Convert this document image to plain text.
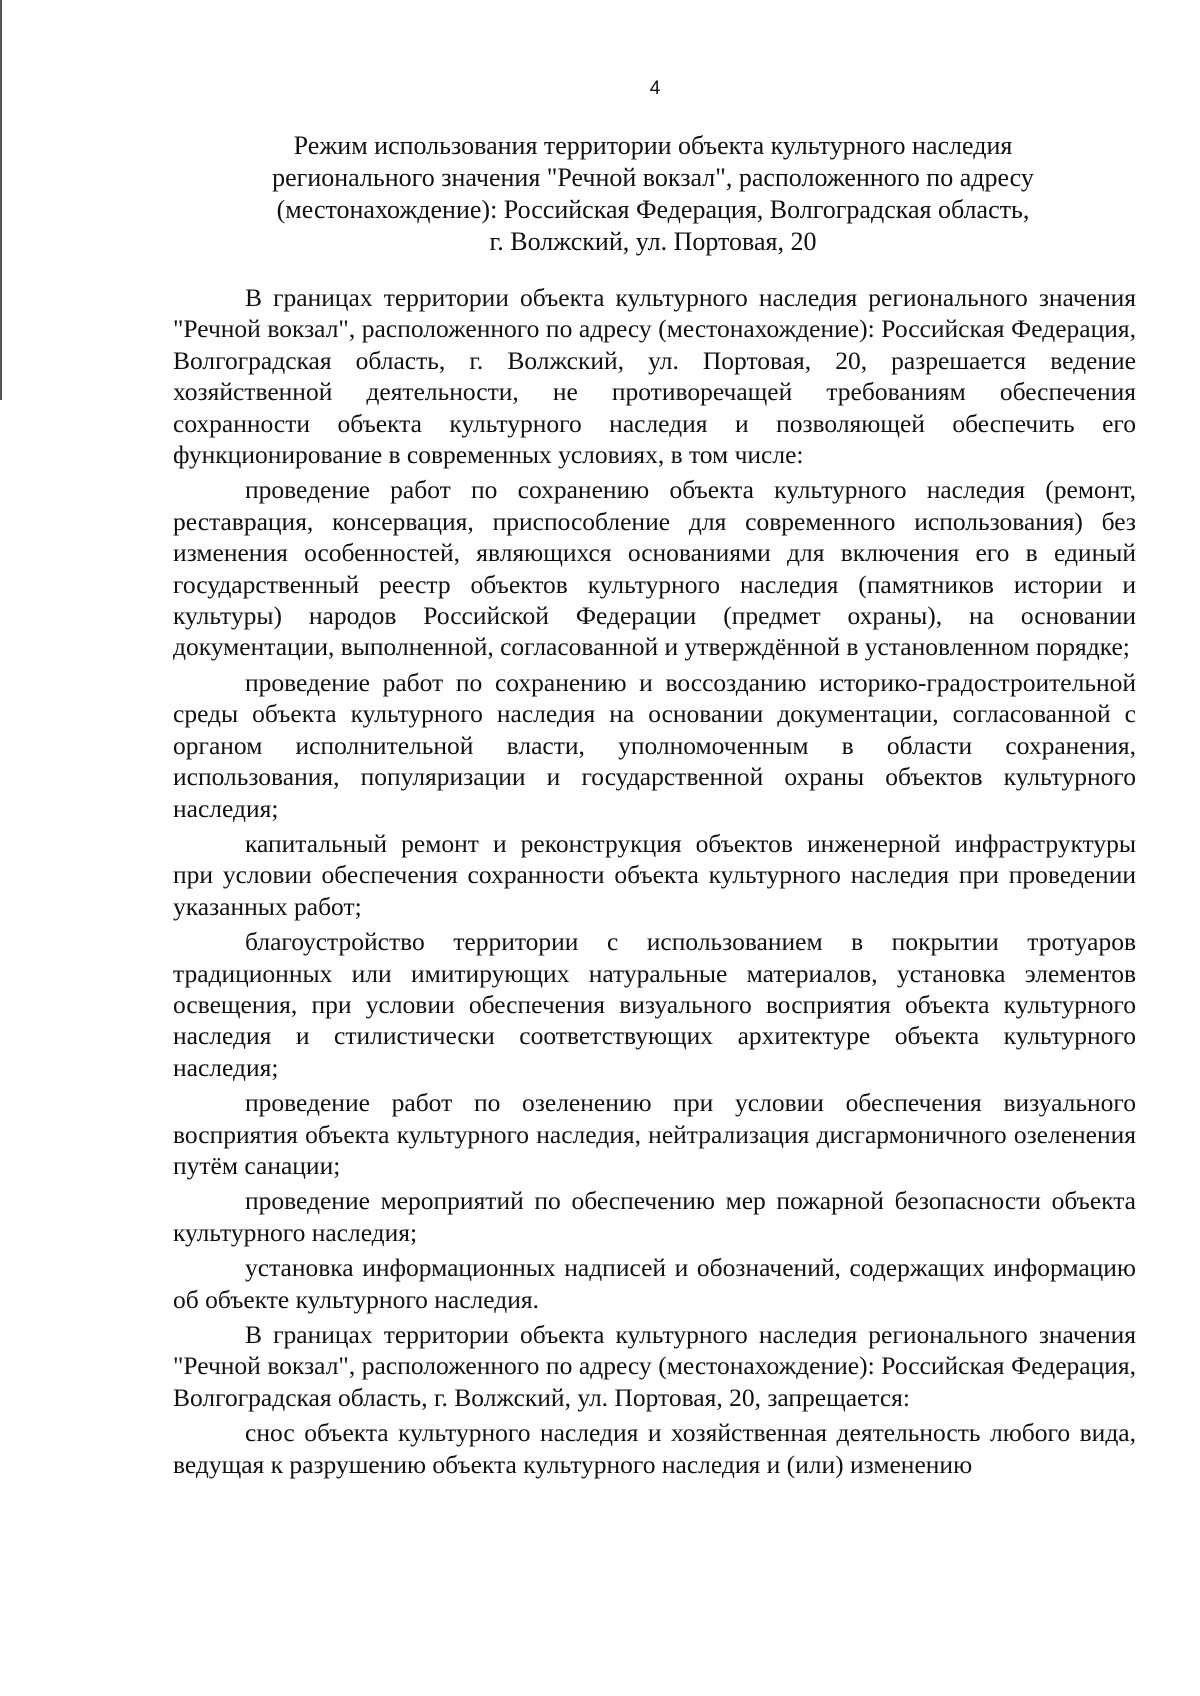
4
Режим использования территории объекта культурного наследия
регионального значения "Речной вокзал", расположенного по адресу
(местонахождение): Российская Федерация, Волгоградская область,
г. Волжский, ул. Портовая, 20

В границах территории объекта культурного наследия регионального значения "Речной вокзал", расположенного по адресу (местонахождение): Российская Федерация, Волгоградская область, г. Волжский, ул. Портовая, 20, разрешается ведение хозяйственной деятельности, не противоречащей требованиям обеспечения сохранности объекта культурного наследия и позволяющей обеспечить его функционирование в современных условиях, в том числе:

проведение работ по сохранению объекта культурного наследия (ремонт, реставрация, консервация, приспособление для современного использования) без изменения особенностей, являющихся основаниями для включения его в единый государственный реестр объектов культурного наследия (памятников истории и культуры) народов Российской Федерации (предмет охраны), на основании документации, выполненной, согласованной и утверждённой в установленном порядке;

проведение работ по сохранению и воссозданию историко-градостроительной среды объекта культурного наследия на основании документации, согласованной с органом исполнительной власти, уполномоченным в области сохранения, использования, популяризации и государственной охраны объектов культурного наследия;

капитальный ремонт и реконструкция объектов инженерной инфраструктуры при условии обеспечения сохранности объекта культурного наследия при проведении указанных работ;

благоустройство территории с использованием в покрытии тротуаров традиционных или имитирующих натуральные материалов, установка элементов освещения, при условии обеспечения визуального восприятия объекта культурного наследия и стилистически соответствующих архитектуре объекта культурного наследия;

проведение работ по озеленению при условии обеспечения визуального восприятия объекта культурного наследия, нейтрализация дисгармоничного озеленения путём санации;

проведение мероприятий по обеспечению мер пожарной безопасности объекта культурного наследия;

установка информационных надписей и обозначений, содержащих информацию об объекте культурного наследия.

В границах территории объекта культурного наследия регионального значения "Речной вокзал", расположенного по адресу (местонахождение): Российская Федерация, Волгоградская область, г. Волжский, ул. Портовая, 20, запрещается:

снос объекта культурного наследия и хозяйственная деятельность любого вида, ведущая к разрушению объекта культурного наследия и (или) изменению
